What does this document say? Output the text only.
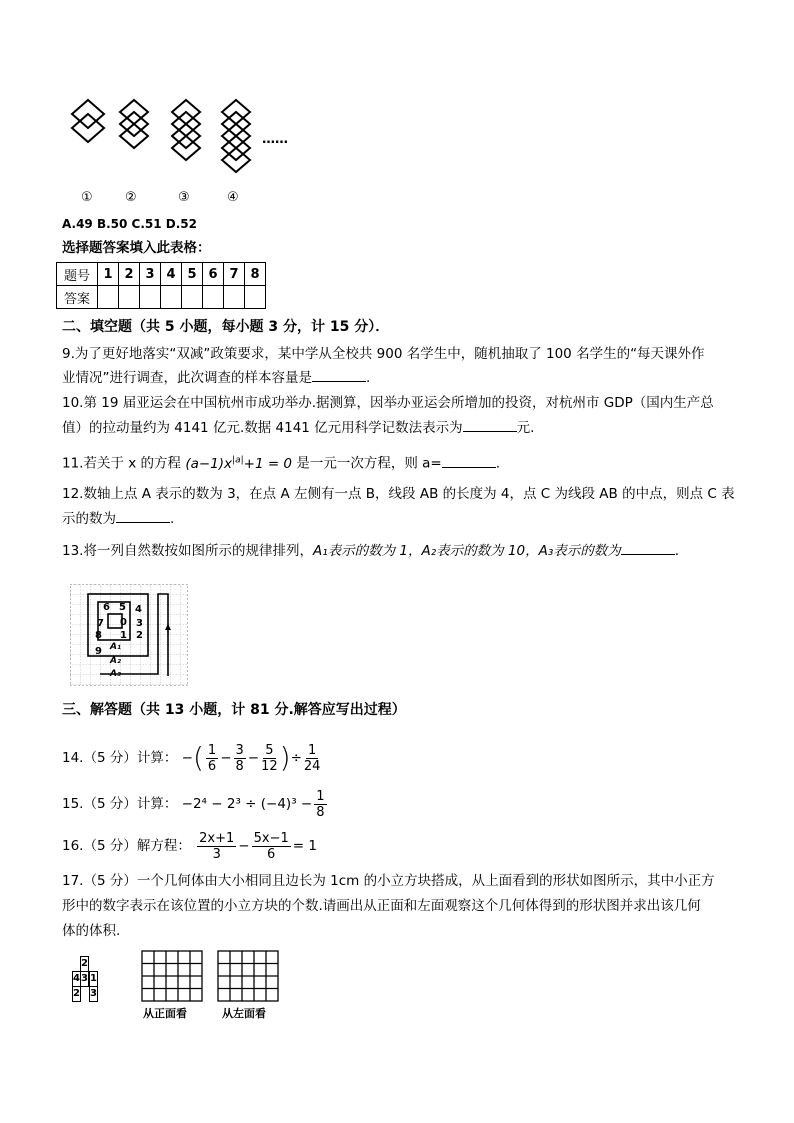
……
① ②	③	④
A.49 B.50 C.51 D.52
选择题答案填入此表格：
题号	1	2	3	4	5	6	7	8
答案								
二、填空题（共 5 小题，每小题 3 分，计 15 分）．
9.为了更好地落实“双减”政策要求，某中学从全校共 900 名学生中，随机抽取了 100 名学生的“每天课外作
业情况”进行调查，此次调查的样本容量是	.
10.第 19 届亚运会在中国杭州市成功举办.据测算，因举办亚运会所增加的投资，对杭州市 GDP（国内生产总
值）的拉动量约为 4141 亿元.数据 4141 亿元用科学记数法表示为	元.
11.若关于 x 的方程 $(a-1)x^{|a|}+1 = 0$ 是一元一次方程，则 a=	.
12.数轴上点 A 表示的数为 3，在点 A 左侧有一点 B，线段 AB 的长度为 4，点 C 为线段 AB 的中点，则点 C 表
示的数为	.
13.将一列自然数按如图所示的规律排列，A₁表示的数为 1，A₂表示的数为 10，A₃表示的数为	.
6 5 4
7 0 3
8 1 2
9 A₁
A₂
A₃
三、解答题（共 13 小题，计 81 分.解答应写出过程）
14.（5 分）计算： −( $\frac{1}{6} - \frac{3}{8} - \frac{5}{12}$ )÷ $\frac{1}{24}$
15.（5 分）计算： $-2^4 - 2^3 \div (-4)^3 - \frac{1}{8}$
16.（5 分）解方程： $\frac{2x+1}{3} - \frac{5x-1}{6} = 1$
17.（5 分）一个几何体由大小相同且边长为 1cm 的小立方块搭成，从上面看到的形状如图所示，其中小正方
形中的数字表示在该位置的小立方块的个数.请画出从正面和左面观察这个几何体得到的形状图并求出该几何
体的体积.
	2		
4	3		1
2			3
从正面看	从左面看
